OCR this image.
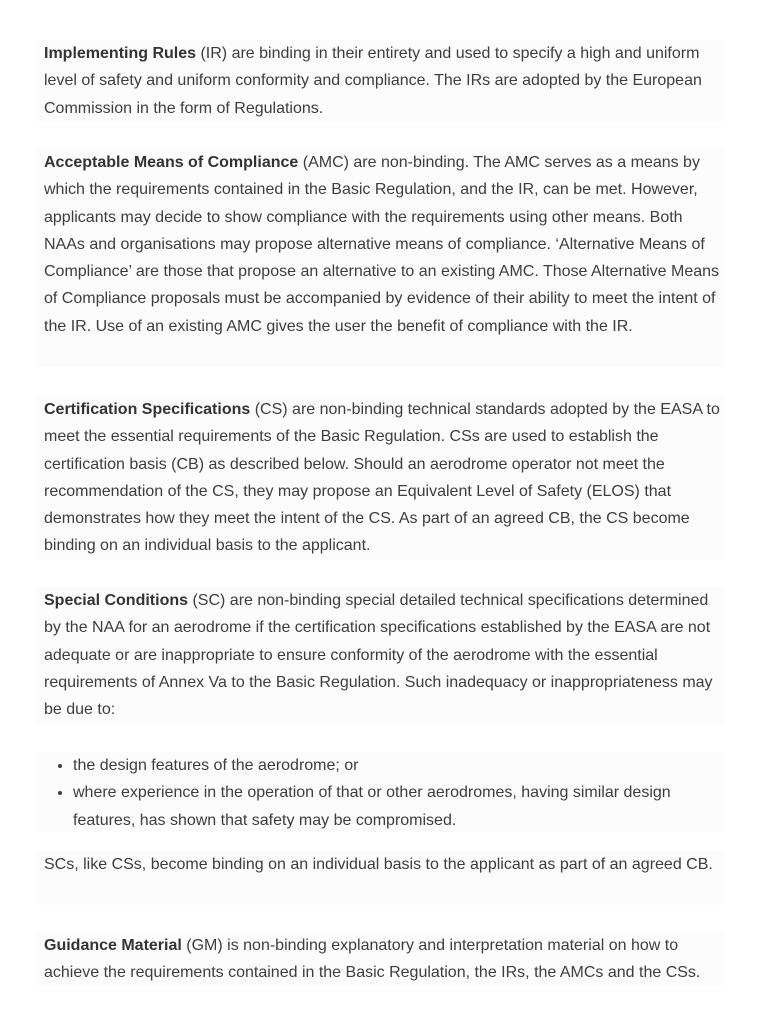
Implementing Rules (IR) are binding in their entirety and used to specify a high and uniform level of safety and uniform conformity and compliance. The IRs are adopted by the European Commission in the form of Regulations.

Acceptable Means of Compliance (AMC) are non-binding. The AMC serves as a means by which the requirements contained in the Basic Regulation, and the IR, can be met. However, applicants may decide to show compliance with the requirements using other means. Both NAAs and organisations may propose alternative means of compliance. ‘Alternative Means of Compliance’ are those that propose an alternative to an existing AMC. Those Alternative Means of Compliance proposals must be accompanied by evidence of their ability to meet the intent of the IR. Use of an existing AMC gives the user the benefit of compliance with the IR.

Certification Specifications (CS) are non-binding technical standards adopted by the EASA to meet the essential requirements of the Basic Regulation. CSs are used to establish the certification basis (CB) as described below. Should an aerodrome operator not meet the recommendation of the CS, they may propose an Equivalent Level of Safety (ELOS) that demonstrates how they meet the intent of the CS. As part of an agreed CB, the CS become binding on an individual basis to the applicant.

Special Conditions (SC) are non-binding special detailed technical specifications determined by the NAA for an aerodrome if the certification specifications established by the EASA are not adequate or are inappropriate to ensure conformity of the aerodrome with the essential requirements of Annex Va to the Basic Regulation. Such inadequacy or inappropriateness may be due to:

• the design features of the aerodrome; or
• where experience in the operation of that or other aerodromes, having similar design features, has shown that safety may be compromised.

SCs, like CSs, become binding on an individual basis to the applicant as part of an agreed CB.

Guidance Material (GM) is non-binding explanatory and interpretation material on how to achieve the requirements contained in the Basic Regulation, the IRs, the AMCs and the CSs.
